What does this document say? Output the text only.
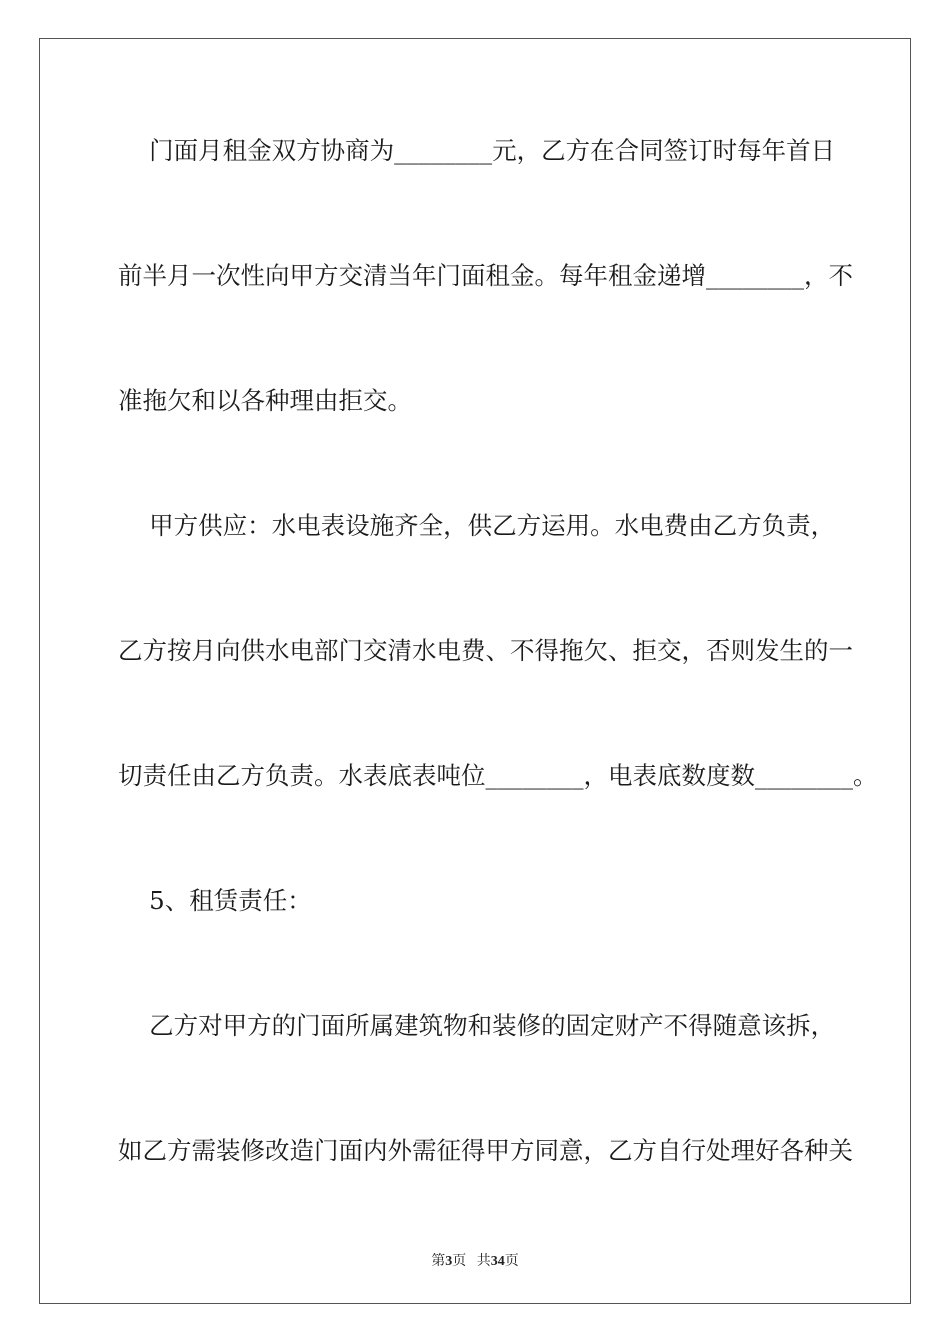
门面月租金双方协商为________元，乙方在合同签订时每年首日
前半月一次性向甲方交清当年门面租金。每年租金递增________，不
准拖欠和以各种理由拒交。
甲方供应：水电表设施齐全，供乙方运用。水电费由乙方负责，
乙方按月向供水电部门交清水电费、不得拖欠、拒交，否则发生的一
切责任由乙方负责。水表底表吨位________，电表底数度数________。
5、租赁责任：
乙方对甲方的门面所属建筑物和装修的固定财产不得随意该拆，
如乙方需装修改造门面内外需征得甲方同意，乙方自行处理好各种关
第3页 共34页
